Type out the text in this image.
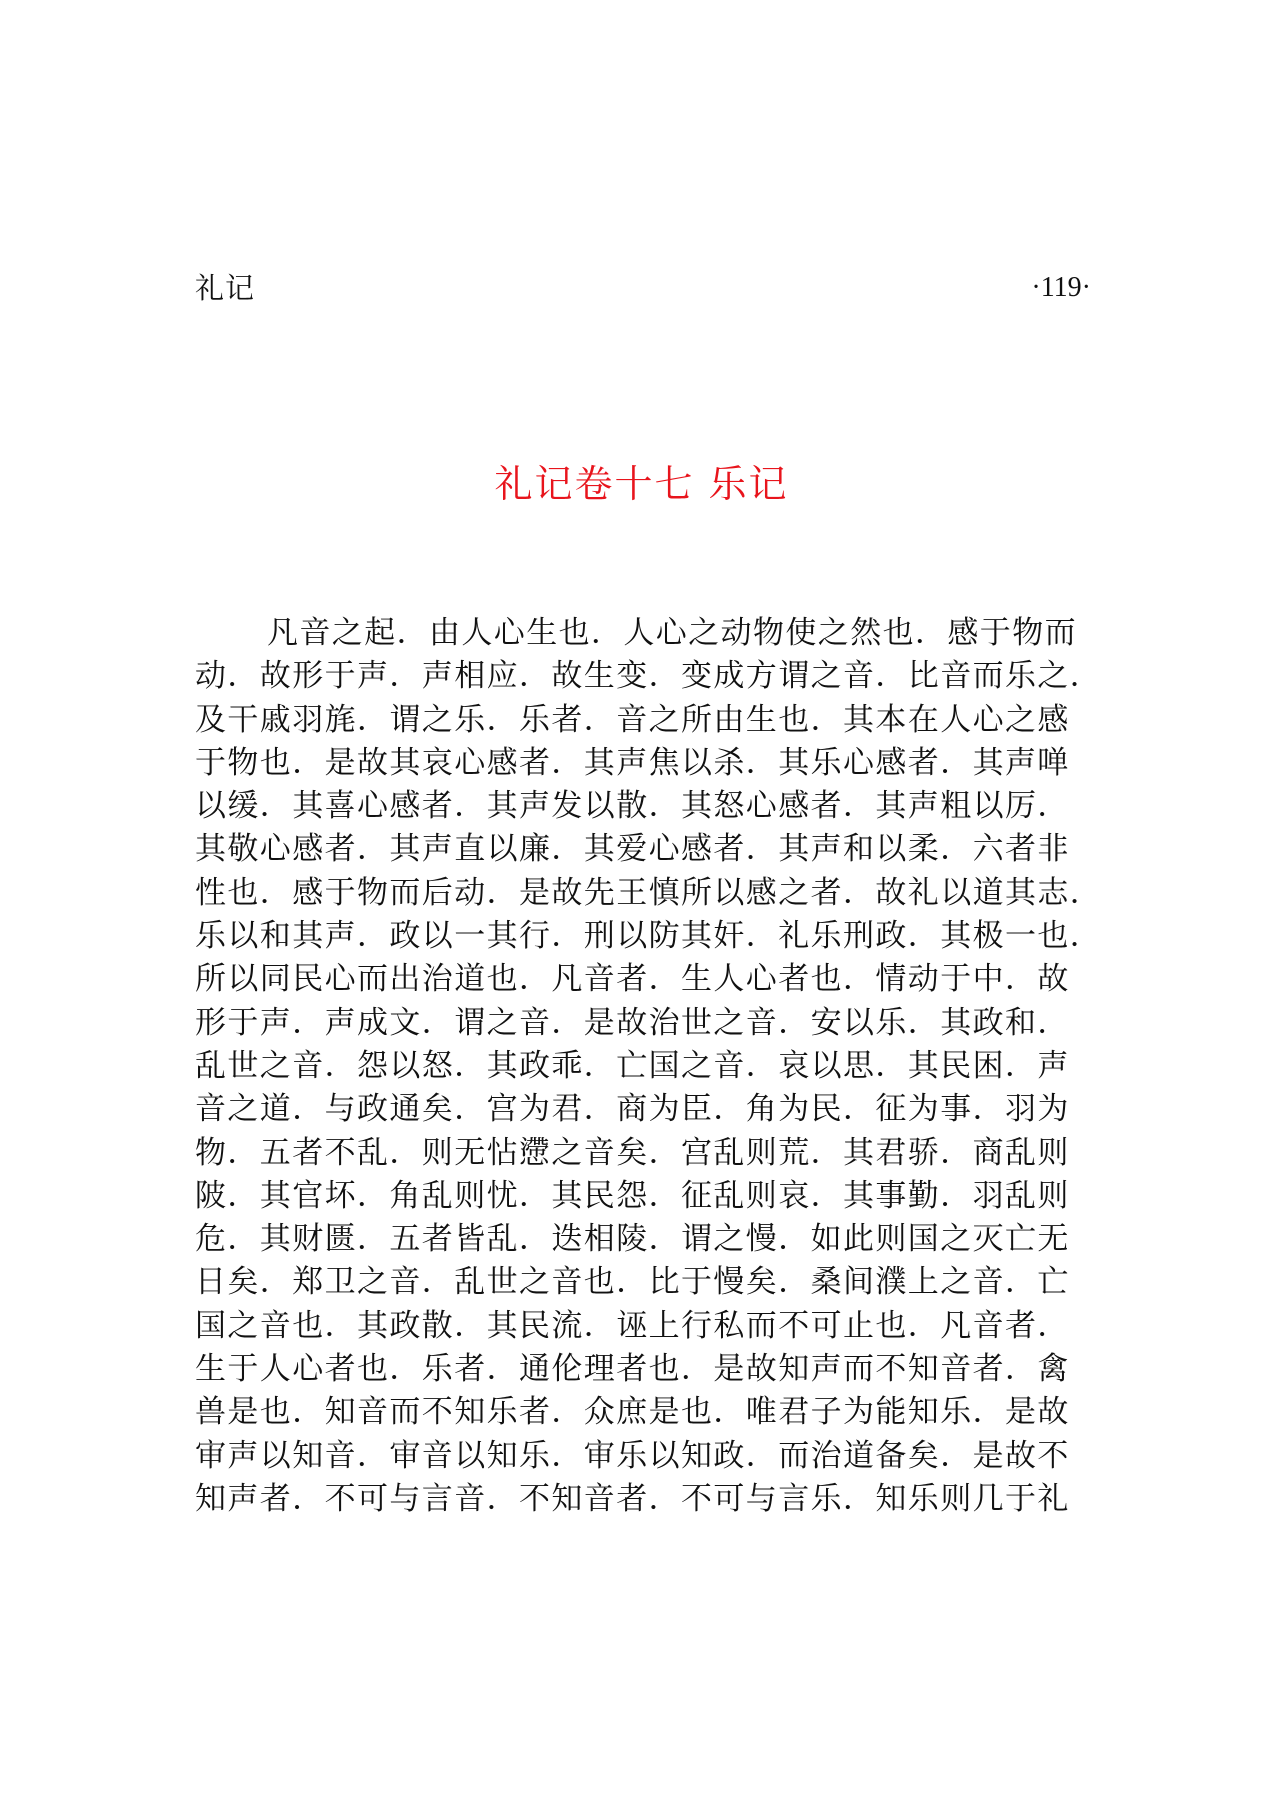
礼记	·119·
礼记卷十七 乐记
凡音之起．由人心生也．人心之动物使之然也．感于物而
动．故形于声．声相应．故生变．变成方谓之音．比音而乐之．
及干戚羽旄．谓之乐．乐者．音之所由生也．其本在人心之感
于物也．是故其哀心感者．其声焦以杀．其乐心感者．其声啴
以缓．其喜心感者．其声发以散．其怒心感者．其声粗以厉．
其敬心感者．其声直以廉．其爱心感者．其声和以柔．六者非
性也．感于物而后动．是故先王慎所以感之者．故礼以道其志．
乐以和其声．政以一其行．刑以防其奸．礼乐刑政．其极一也．
所以同民心而出治道也．凡音者．生人心者也．情动于中．故
形于声．声成文．谓之音．是故治世之音．安以乐．其政和．
乱世之音．怨以怒．其政乖．亡国之音．哀以思．其民困．声
音之道．与政通矣．宫为君．商为臣．角为民．征为事．羽为
物．五者不乱．则无怗懘之音矣．宫乱则荒．其君骄．商乱则
陂．其官坏．角乱则忧．其民怨．征乱则哀．其事勤．羽乱则
危．其财匮．五者皆乱．迭相陵．谓之慢．如此则国之灭亡无
日矣．郑卫之音．乱世之音也．比于慢矣．桑间濮上之音．亡
国之音也．其政散．其民流．诬上行私而不可止也．凡音者．
生于人心者也．乐者．通伦理者也．是故知声而不知音者．禽
兽是也．知音而不知乐者．众庶是也．唯君子为能知乐．是故
审声以知音．审音以知乐．审乐以知政．而治道备矣．是故不
知声者．不可与言音．不知音者．不可与言乐．知乐则几于礼
